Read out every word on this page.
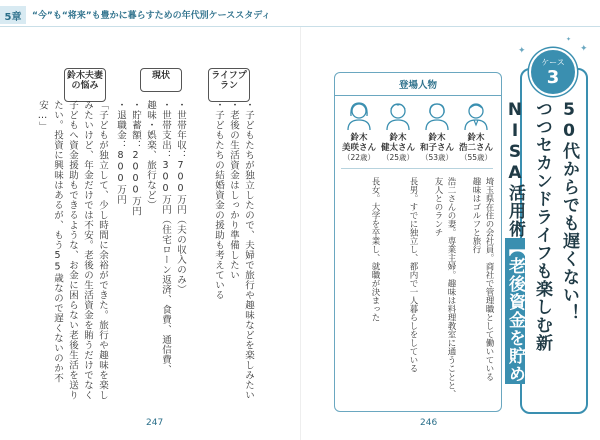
5章	“今”も“将来”も豊かに暮らすための年代別ケーススタディ
ライフプラン
現状
鈴木夫妻の悩み
・子どもたちが独立したので、夫婦で旅行や趣味などを楽しみたい
・老後の生活資金はしっかり準備したい
・子どもたちの結婚資金の援助も考えている
・世帯年収：700万円（夫の収入のみ）
・世帯支出：300万円（住宅ローン返済、食費、通信費、趣味・娯楽、旅行など）
・貯蓄額：2000万円
・退職金：800万円
「子どもが独立して、少し時間に余裕ができた。旅行や趣味を楽しみたいけど、年金だけでは不安。老後の生活資金を賄うだけでなく子どもへ資金援助もできるような、お金に困らない老後生活を送りたい。投資に興味はあるが、もう55歳なので遅くないのか不安…」
247
登場人物
鈴木
浩二さん
（55歳）
鈴木
和子さん
（53歳）
鈴木
健太さん
（25歳）
鈴木
美咲さん
（22歳）
埼玉県在住の会社員。商社で管理職として働いている
趣味はゴルフと旅行
浩二さんの妻。専業主婦。趣味は料理教室に通うことと、
友人とのランチ
長男。すでに独立し、都内で一人暮らしをしている
長女。大学を卒業し、就職が決まった	50代からでも遅くない！
つつセカンドライフも楽しむ新NISA活用術【老後資金を貯め
ケース
3
✦	✦
✦
246
